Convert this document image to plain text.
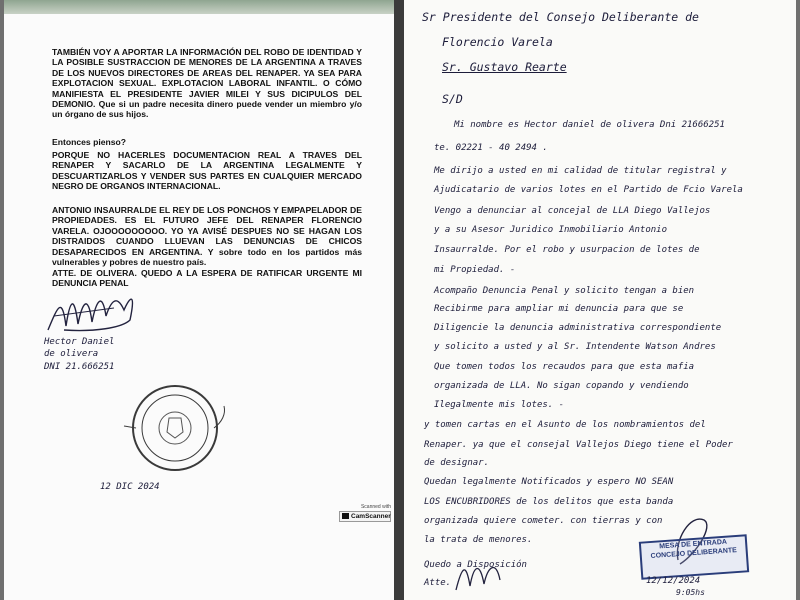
TAMBIÉN VOY A APORTAR LA INFORMACIÓN DEL ROBO DE IDENTIDAD Y LA POSIBLE SUSTRACCION DE MENORES DE LA ARGENTINA A TRAVES DE LOS NUEVOS DIRECTORES DE AREAS DEL RENAPER. YA SEA PARA EXPLOTACION SEXUAL. EXPLOTACION LABORAL INFANTIL. O CÓMO MANIFIESTA EL PRESIDENTE JAVIER MILEI Y SUS DICIPULOS DEL DEMONIO. Que si un padre necesita dinero puede vender un miembro y/o un órgano de sus hijos.
Entonces pienso?
PORQUE NO HACERLES DOCUMENTACION REAL A TRAVES DEL RENAPER Y SACARLO DE LA ARGENTINA LEGALMENTE Y DESCUARTIZARLOS Y VENDER SUS PARTES EN CUALQUIER MERCADO NEGRO DE ORGANOS INTERNACIONAL.
ANTONIO INSAURRALDE EL REY DE LOS PONCHOS Y EMPAPELADOR DE PROPIEDADES. ES EL FUTURO JEFE DEL RENAPER FLORENCIO VARELA. OJOOOOOOOOO. YO YA AVISÉ DESPUES NO SE HAGAN LOS DISTRAIDOS CUANDO LLUEVAN LAS DENUNCIAS DE CHICOS DESAPARECIDOS EN ARGENTINA. Y sobre todo en los partidos más vulnerables y pobres de nuestro país.
ATTE. DE OLIVERA. QUEDO A LA ESPERA DE RATIFICAR URGENTE MI DENUNCIA PENAL
Hector Daniel
de olivera
DNI 21.666251
12 DIC 2024
Scanned with
CamScanner
Sr Presidente del Consejo Deliberante de
Florencio Varela
Sr. Gustavo Rearte
S/D
Mi nombre es Hector daniel de olivera Dni 21666251
te. 02221 - 40 2494 .
Me dirijo a usted en mi calidad de titular registral y
Ajudicatario de varios lotes en el Partido de Fcio Varela
Vengo a denunciar al concejal de LLA Diego Vallejos
y a su Asesor Juridico Inmobiliario Antonio
Insaurralde. Por el robo y usurpacion de lotes de
mi Propiedad. -
Acompaño Denuncia Penal y solicito tengan a bien
Recibirme para ampliar mi denuncia para que se
Diligencie la denuncia administrativa correspondiente
y solicito a usted y al Sr. Intendente Watson Andres
Que tomen todos los recaudos para que esta mafia
organizada de LLA. No sigan copando y vendiendo
Ilegalmente mis lotes. -
y tomen cartas en el Asunto de los nombramientos del
Renaper. ya que el consejal Vallejos Diego tiene el Poder
de designar.
Quedan legalmente Notificados y espero NO SEAN
LOS ENCUBRIDORES de los delitos que esta banda
organizada quiere cometer. con tierras y con
la trata de menores.
Quedo a Disposición
Atte.
MESA DE ENTRADA
CONCEJO DELIBERANTE
12/12/2024
9:05hs
